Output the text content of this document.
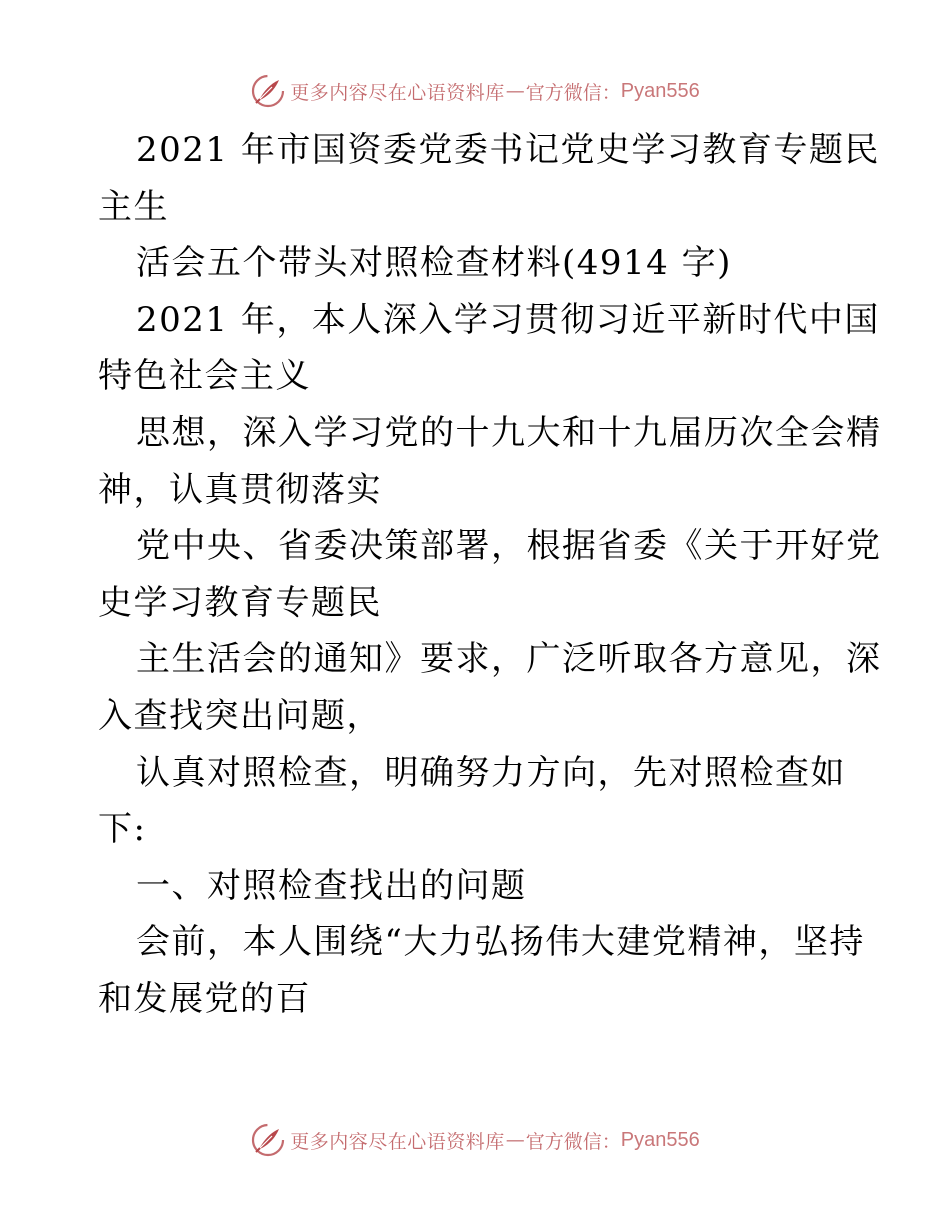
更多内容尽在心语资料库 — 官方微信： Pyan556
2021 年市国资委党委书记党史学习教育专题民
主生
活会五个带头对照检查材料(4914 字)
2021 年，本人深入学习贯彻习近平新时代中国
特色社会主义
思想，深入学习党的十九大和十九届历次全会精
神，认真贯彻落实
党中央、省委决策部署，根据省委《关于开好党
史学习教育专题民
主生活会的通知》要求，广泛听取各方意见，深
入查找突出问题，
认真对照检查，明确努力方向，先对照检查如
下:
一、对照检查找出的问题
会前，本人围绕“大力弘扬伟大建党精神，坚持
和发展党的百
更多内容尽在心语资料库 — 官方微信： Pyan556
